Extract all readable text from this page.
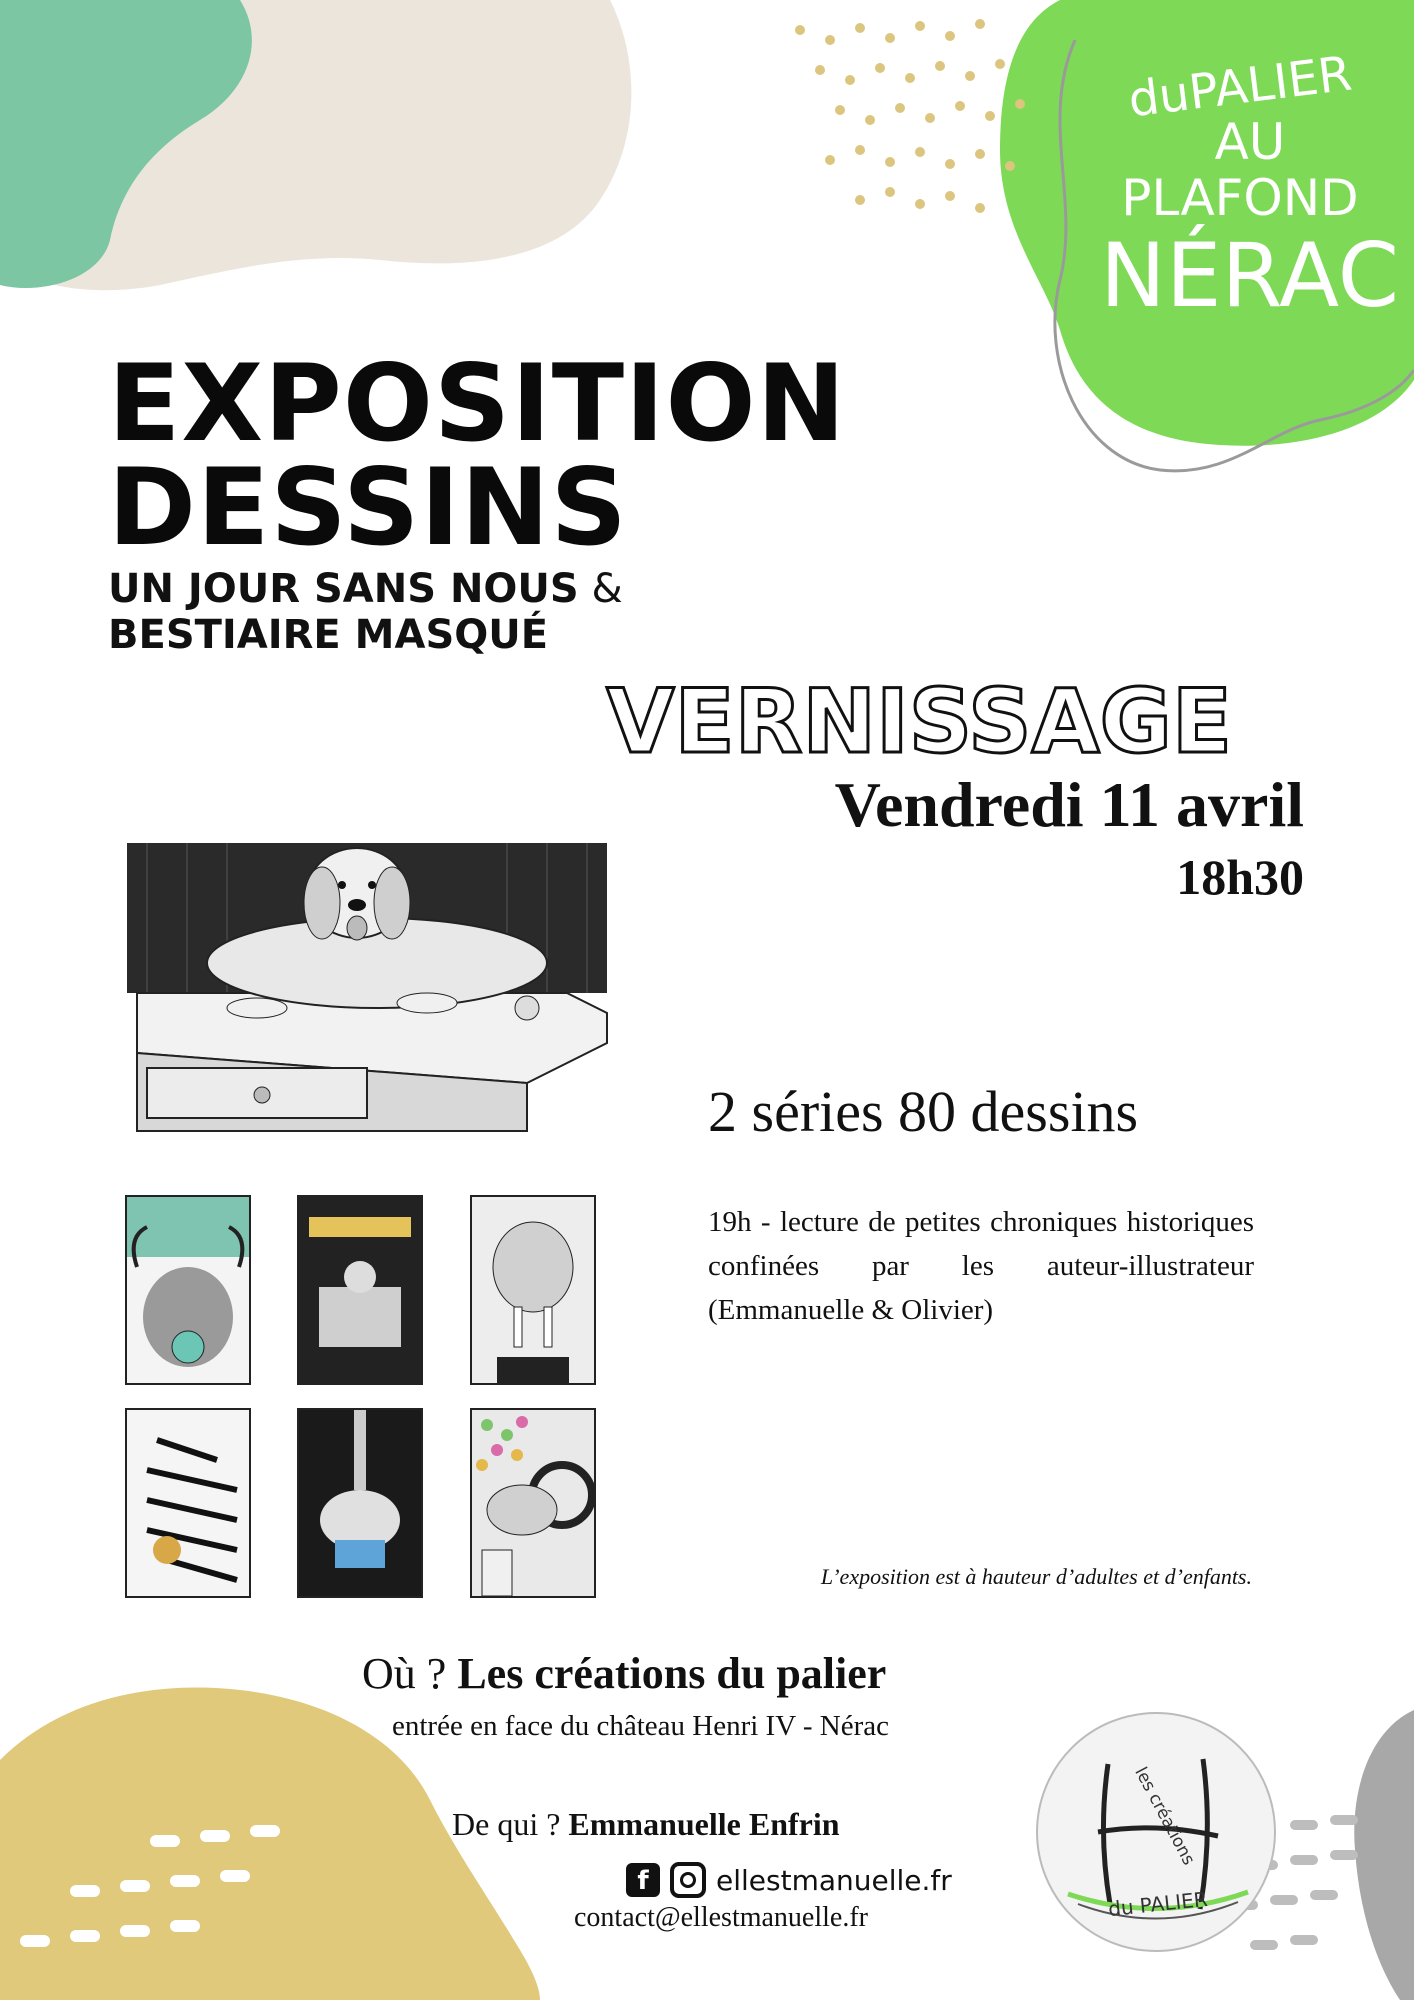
duPALIER
AU
PLAFOND
NÉRAC
EXPOSITION
DESSINS
UN JOUR SANS NOUS &
BESTIAIRE MASQUÉ
VERNISSAGE
Vendredi 11 avril
18h30
2 séries 80 dessins
19h - lecture de petites chroniques historiques confinées par les auteur-illustrateur (Emmanuelle & Olivier)
L’exposition est à hauteur d’adultes et d’enfants.
Où ? Les créations du palier
entrée en face du château Henri IV - Nérac
De qui ? Emmanuelle Enfrin
f	ellestmanuelle.fr
contact@ellestmanuelle.fr
les créations
du PALIER
